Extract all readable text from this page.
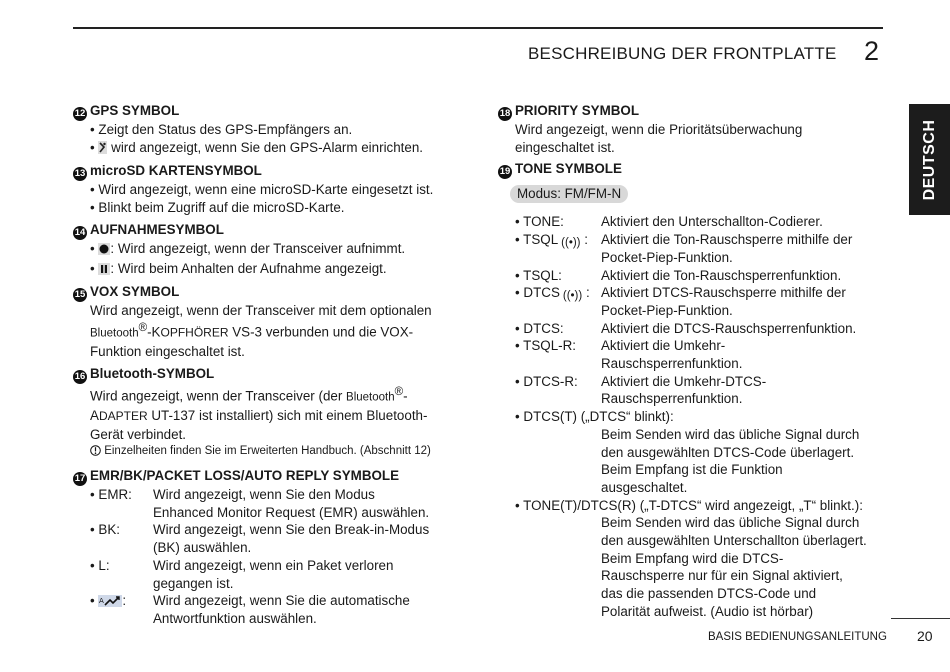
BESCHREIBUNG DER FRONTPLATTE 2
DEUTSCH
12 GPS SYMBOL
• Zeigt den Status des GPS-Empfängers an.
•  wird angezeigt, wenn Sie den GPS-Alarm einrichten.
13 microSD KARTENSYMBOL
• Wird angezeigt, wenn eine microSD-Karte eingesetzt ist.
• Blinkt beim Zugriff auf die microSD-Karte.
14 AUFNAHMESYMBOL
• : Wird angezeigt, wenn der Transceiver aufnimmt.
• : Wird beim Anhalten der Aufnahme angezeigt.
15 VOX SYMBOL
Wird angezeigt, wenn der Transceiver mit dem optionalen
Bluetooth®-KOPFHÖRER VS-3 verbunden und die VOX-
Funktion eingeschaltet ist.
16 Bluetooth-SYMBOL
Wird angezeigt, wenn der Transceiver (der Bluetooth®-
ADAPTER UT-137 ist installiert) sich mit einem Bluetooth-
Gerät verbindet.
Einzelheiten finden Sie im Erweiterten Handbuch. (Abschnitt 12)
17 EMR/BK/PACKET LOSS/AUTO REPLY SYMBOLE
• EMR:	Wird angezeigt, wenn Sie den Modus
Enhanced Monitor Request (EMR) auswählen.
• BK:	Wird angezeigt, wenn Sie den Break-in-Modus
(BK) auswählen.
• L:	Wird angezeigt, wenn ein Paket verloren
gegangen ist.
• A :	Wird angezeigt, wenn Sie die automatische
Antwortfunktion auswählen.
18 PRIORITY SYMBOL
Wird angezeigt, wenn die Prioritätsüberwachung
eingeschaltet ist.
19 TONE SYMBOLE
Modus: FM/FM-N
• TONE:	Aktiviert den Unterschallton-Codierer.
• TSQL ((•)) : Aktiviert die Ton-Rauschsperre mithilfe der
Pocket-Piep-Funktion.
• TSQL:	Aktiviert die Ton-Rauschsperrenfunktion.
• DTCS ((•)) : Aktiviert DTCS-Rauschsperre mithilfe der
Pocket-Piep-Funktion.
• DTCS:	Aktiviert die DTCS-Rauschsperrenfunktion.
• TSQL-R:	Aktiviert die Umkehr-
Rauschsperrenfunktion.
• DTCS-R:	Aktiviert die Umkehr-DTCS-
Rauschsperrenfunktion.
• DTCS(T) („DTCS“ blinkt):
Beim Senden wird das übliche Signal durch
den ausgewählten DTCS-Code überlagert.
Beim Empfang ist die Funktion
ausgeschaltet.
• TONE(T)/DTCS(R) („T-DTCS“ wird angezeigt, „T“ blinkt.):
Beim Senden wird das übliche Signal durch
den ausgewählten Unterschallton überlagert.
Beim Empfang wird die DTCS-
Rauschsperre nur für ein Signal aktiviert,
das die passenden DTCS-Code und
Polarität aufweist. (Audio ist hörbar)
BASIS BEDIENUNGSANLEITUNG 20
